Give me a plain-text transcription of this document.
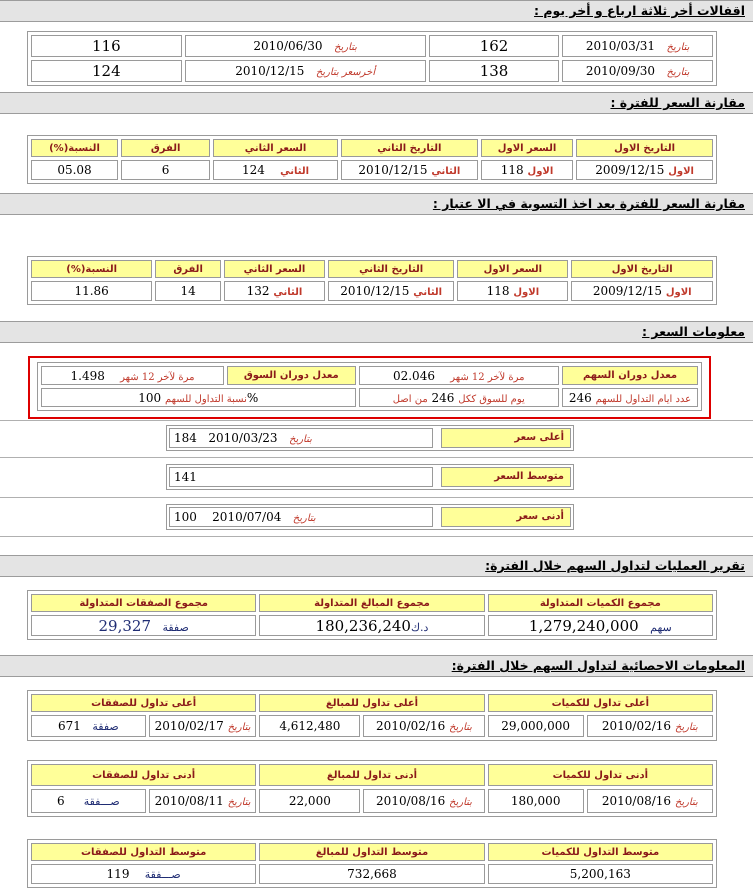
اقفالات أخر ثلاثة ارباع و أخر يوم :
116	2010/06/30 بتاريخ	162	2010/03/31 بتاريخ
124	2010/12/15 أخرسعر بتاريخ	138	2010/09/30 بتاريخ
مقارنة السعر للفترة :
(%)النسبة	الفرق	السعر الثاني	التاريخ الثاني	السعر الاول	التاريخ الاول
05.08	6	124 الثاني	2010/12/15 الثاني	118 الاول	2009/12/15 الاول
مقارنة السعر للفترة بعد اخذ التسوية في الا عتبار :
(%)النسبة	الفرق	السعر الثاني	التاريخ الثاني	السعر الاول	التاريخ الاول
11.86	14	132 الثاني	2010/12/15 الثاني	118 الاول	2009/12/15 الاول
معلومات السعر :
مرة لآخر 12 شهر    1.498	معدل دوران السوق	مرة لآخر 12 شهر    02.046	معدل دوران السهم
نسبة التداول للسهم 100%		يوم للسوق ككل 246 من اصل	246 عدد ايام التداول للسهم
184 2010/03/23 بتاريخ	أعلى سعر
141	متوسط السعر
100 2010/07/04 بتاريخ	أدنى سعر
تقرير العمليات لتداول السهم خلال الفترة:
مجموع الصفقات المتداولة	مجموع المبالغ المتداولة	مجموع الكميات المتداولة
29,327 صفقة	180,236,240د.ك	1,279,240,000 سهم
المعلومات الاحصائية لتداول السهم خلال الفترة:
أعلى تداول للصفقات		أعلى تداول للمبالغ		أعلى تداول للكميات	
صفقة   671	2010/02/17 بتاريخ	4,612,480	2010/02/16 بتاريخ	29,000,000	2010/02/16 بتاريخ
أدنى تداول للصفقات		أدنى تداول للمبالغ		أدنى تداول للكميات	
صـــفقة     6	2010/08/11 بتاريخ	22,000	2010/08/16 بتاريخ	180,000	2010/08/16 بتاريخ
متوسط التداول للصفقات	متوسط التداول للمبالغ	متوسط التداول للكميات
صـــفقة    119	732,668	5,200,163
